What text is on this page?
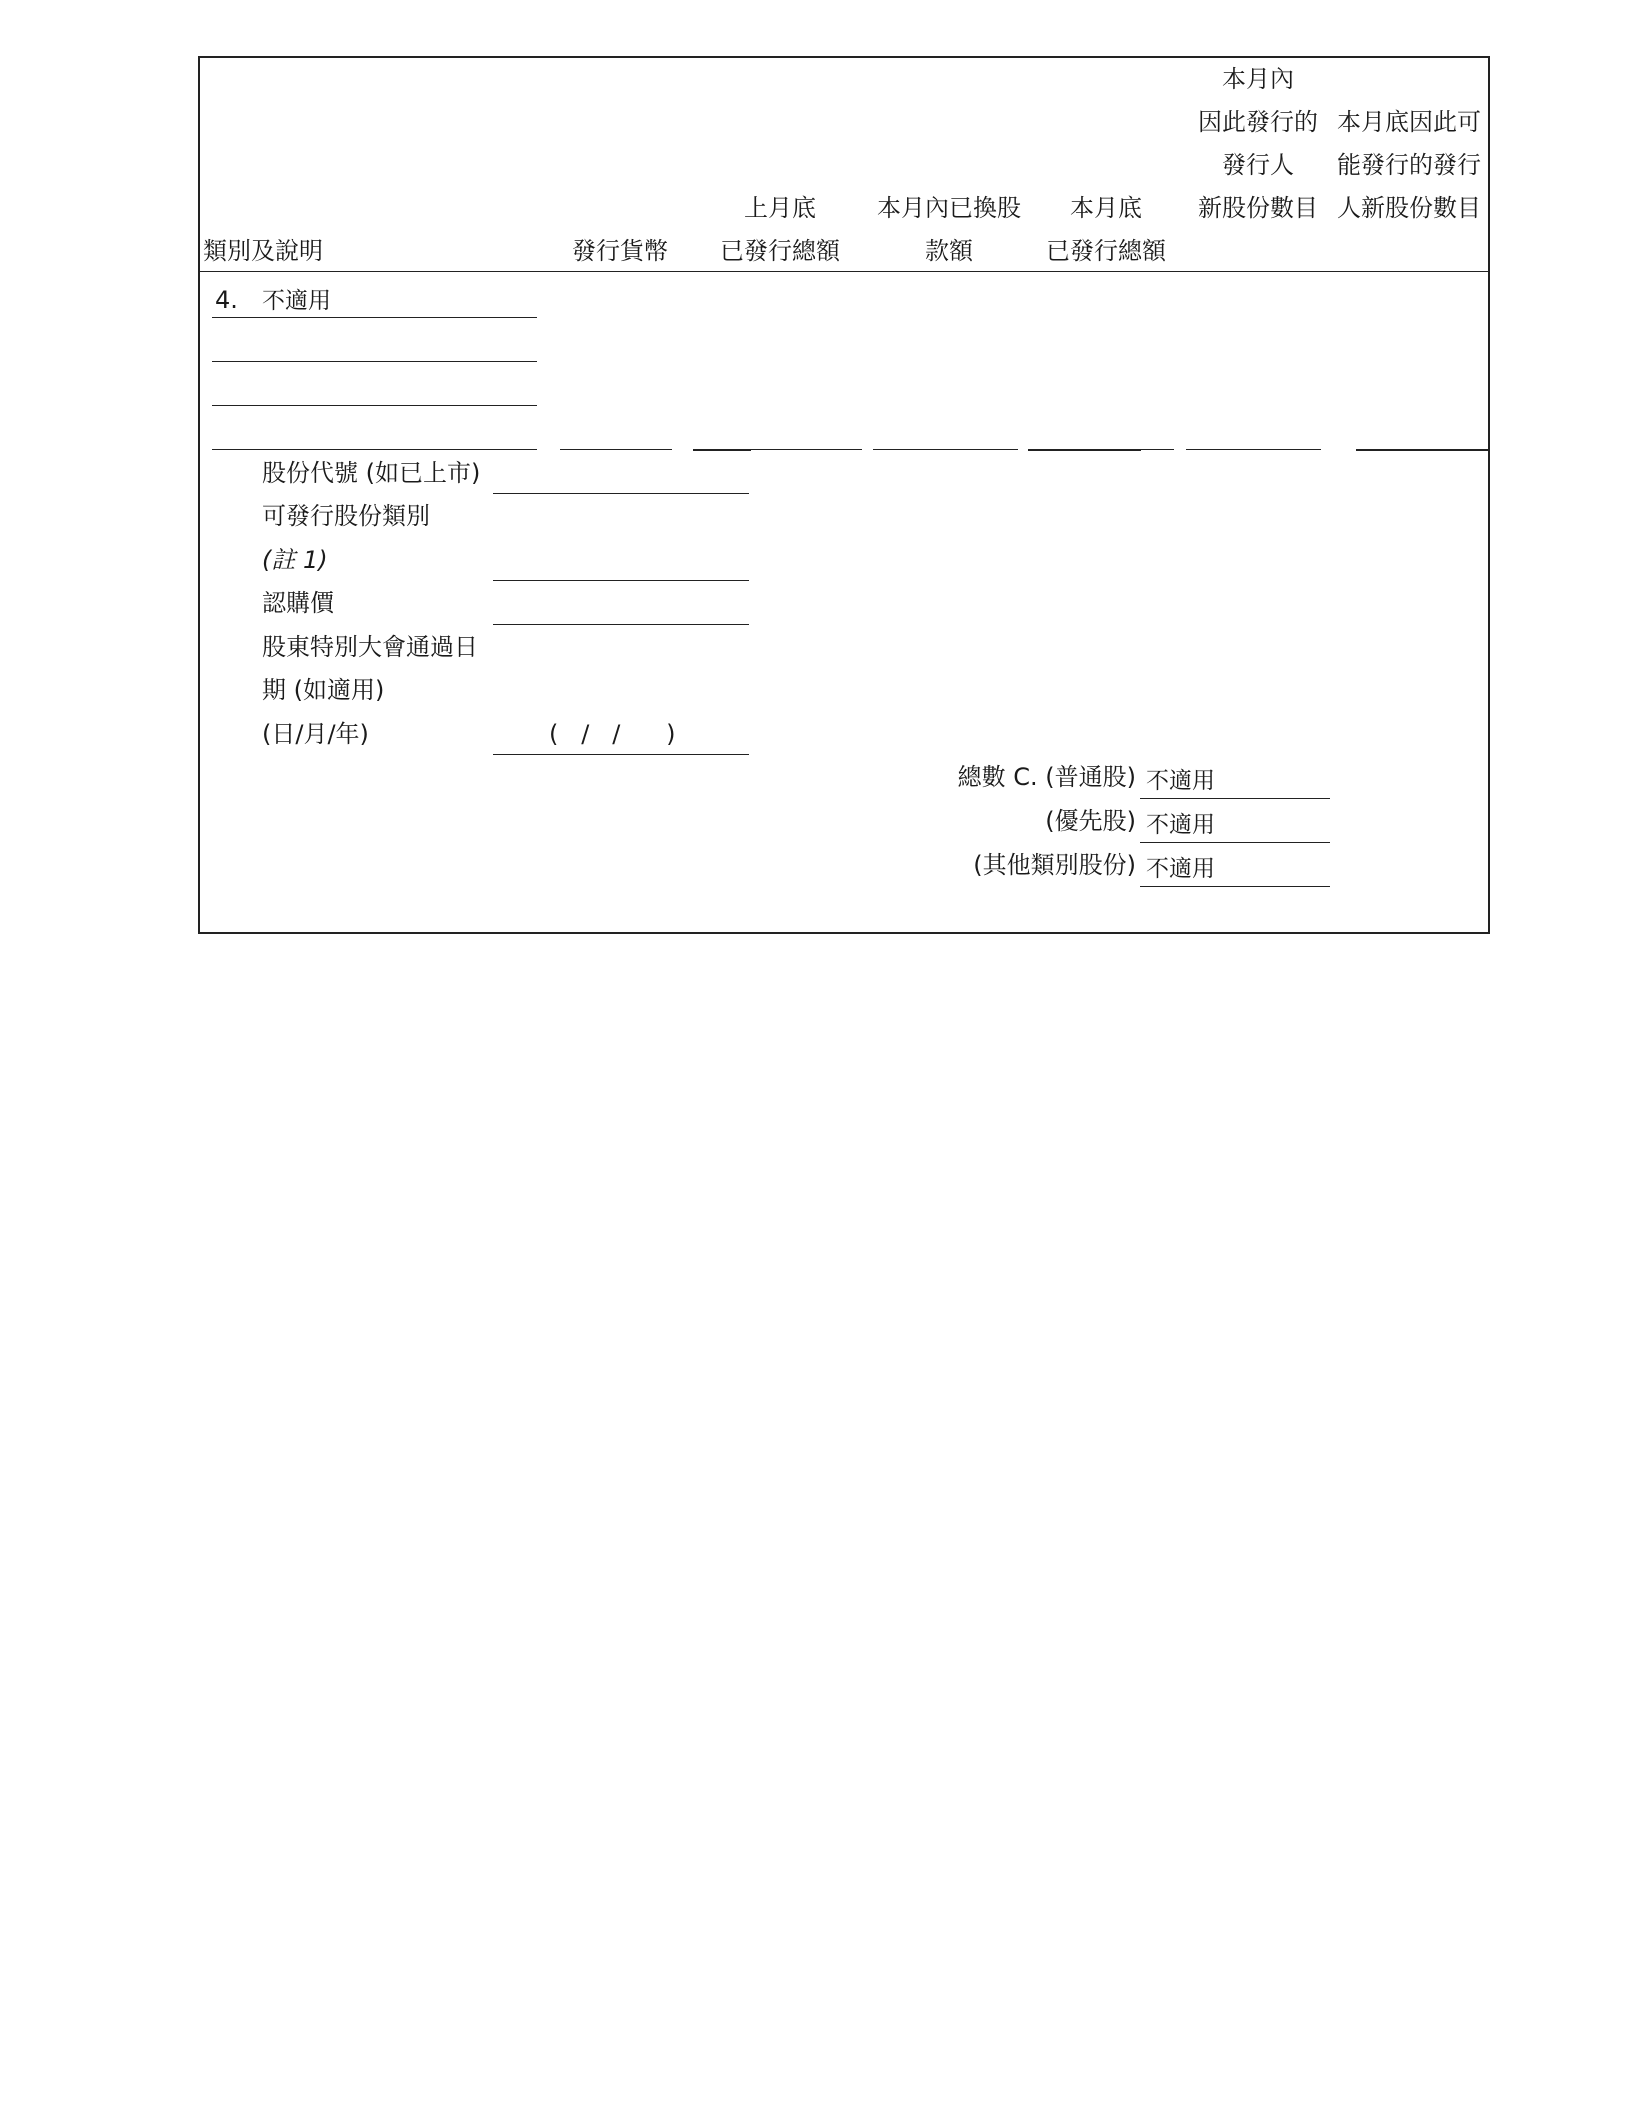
本月內
因此發行的
發行人
新股份數目
本月底因此可
能發行的發行
人新股份數目
上月底
已發行總額
本月內已換股
款額
本月底
已發行總額
類別及說明	發行貨幣
4. 不適用
股份代號 (如已上市)
可發行股份類別
(註 1)
認購價
股東特別大會通過日
期 (如適用)
(日/月/年)	(   /   /      )
總數 C. (普通股) 不適用
(優先股) 不適用
(其他類別股份) 不適用
